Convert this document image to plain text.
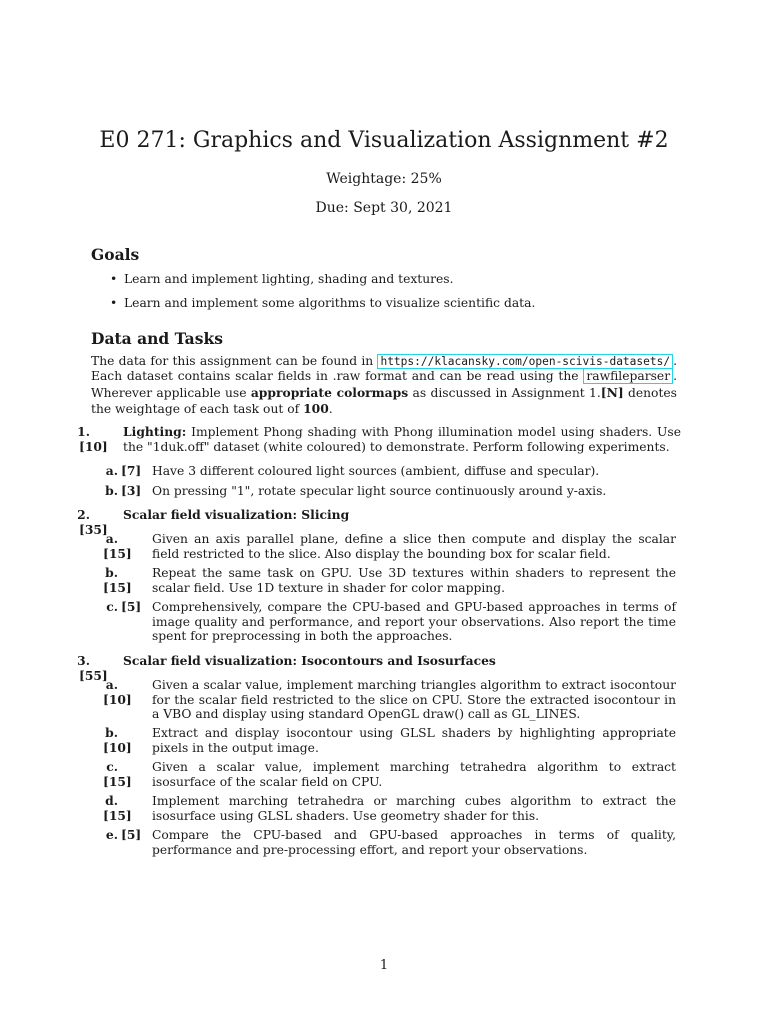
E0 271: Graphics and Visualization Assignment #2
Weightage: 25%
Due: Sept 30, 2021
Goals
• Learn and implement lighting, shading and textures.
• Learn and implement some algorithms to visualize scientific data.
Data and Tasks
The data for this assignment can be found in https://klacansky.com/open-scivis-datasets/ . Each dataset contains scalar fields in .raw format and can be read using the rawfileparser . Wherever applicable use appropriate colormaps as discussed in Assignment 1.[N] denotes the weightage of each task out of 100.
1.[10]
Lighting: Implement Phong shading with Phong illumination model using shaders. Use the "1duk.off" dataset (white coloured) to demonstrate. Perform following experiments.
a. [7] Have 3 different coloured light sources (ambient, diffuse and specular).
b. [3] On pressing "1", rotate specular light source continuously around y-axis.
2.[35]
Scalar field visualization: Slicing
a.[15]
Given an axis parallel plane, define a slice then compute and display the scalar field restricted to the slice. Also display the bounding box for scalar field.
b.[15]
Repeat the same task on GPU. Use 3D textures within shaders to represent the scalar field. Use 1D texture in shader for color mapping.
c. [5] Comprehensively, compare the CPU-based and GPU-based approaches in terms of image quality and performance, and report your observations. Also report the time spent for preprocessing in both the approaches.
3.[55]
Scalar field visualization: Isocontours and Isosurfaces
a.[10]
Given a scalar value, implement marching triangles algorithm to extract isocontour for the scalar field restricted to the slice on CPU. Store the extracted isocontour in a VBO and display using standard OpenGL draw() call as GL_LINES.
b.[10]
Extract and display isocontour using GLSL shaders by highlighting appropriate pixels in the output image.
c.[15]
Given a scalar value, implement marching tetrahedra algorithm to extract isosurface of the scalar field on CPU.
d.[15]
Implement marching tetrahedra or marching cubes algorithm to extract the isosurface using GLSL shaders. Use geometry shader for this.
e. [5] Compare the CPU-based and GPU-based approaches in terms of quality, performance and pre-processing effort, and report your observations.
1
